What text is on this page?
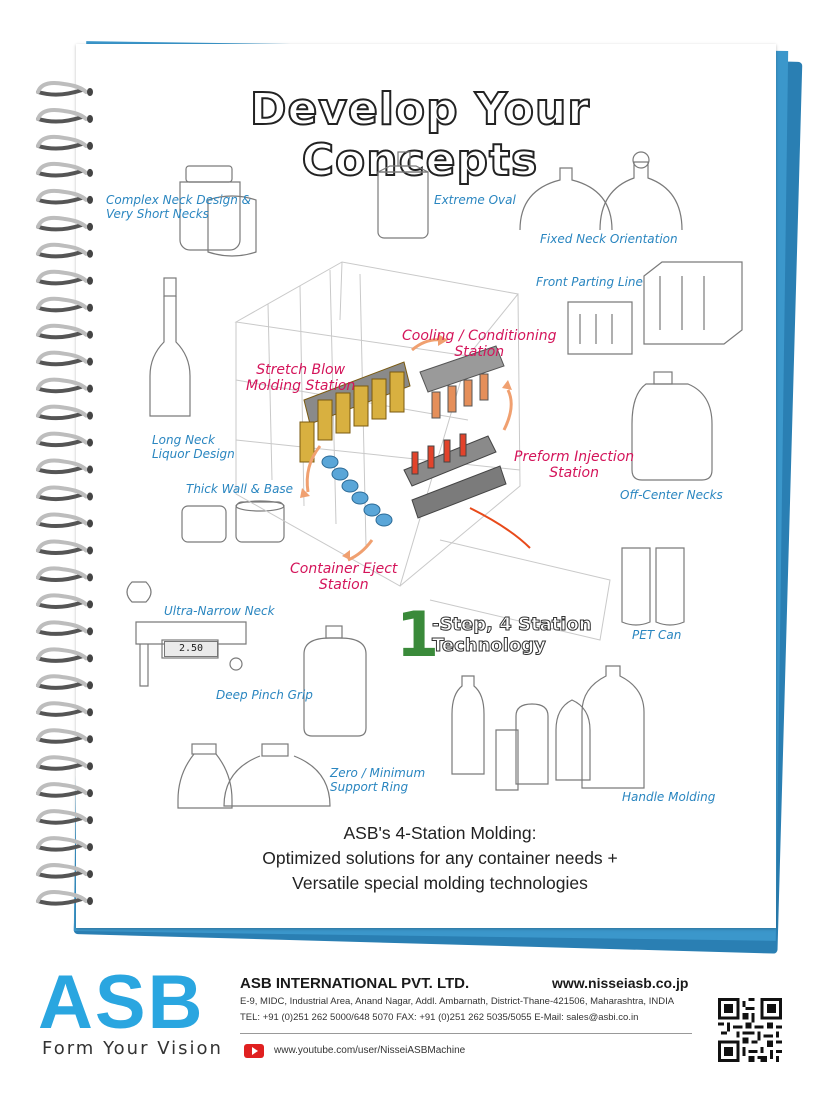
Develop Your Concepts
2.50
Complex Neck Design &
Very Short Necks
Extreme Oval
Fixed Neck Orientation
Front Parting Line
Long Neck
Liquor Design
Thick Wall & Base	Off-Center Necks
Ultra-Narrow Neck
PET Can
Deep Pinch Grip
Zero / Minimum
Support Ring
Handle Molding
Cooling / Conditioning
Station
Stretch Blow
Molding Station
Preform Injection
Station
Container Eject
Station
1
-Step, 4 Station
Technology
ASB's 4-Station Molding:
Optimized solutions for any container needs +
Versatile special molding technologies
ASB
Form Your Vision
ASB INTERNATIONAL PVT. LTD.	www.nisseiasb.co.jp
E-9, MIDC, Industrial Area, Anand Nagar, Addl. Ambarnath, District-Thane-421506, Maharashtra, INDIA
TEL: +91 (0)251 262 5000/648 5070 FAX: +91 (0)251 262 5035/5055 E-Mail: sales@asbi.co.in
www.youtube.com/user/NisseiASBMachine
